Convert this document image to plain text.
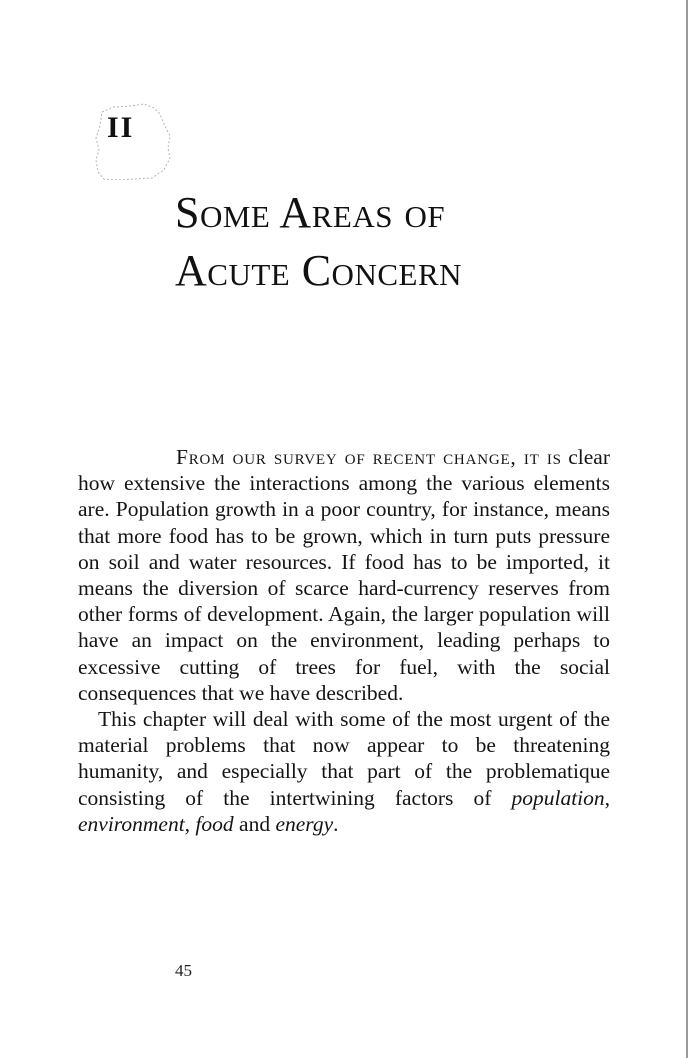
II
Some Areas of
Acute Concern

From our survey of recent change, it is clear how extensive the interactions among the various elements are. Population growth in a poor country, for instance, means that more food has to be grown, which in turn puts pressure on soil and water resources. If food has to be imported, it means the diversion of scarce hard-currency reserves from other forms of development. Again, the larger population will have an impact on the environment, leading perhaps to excessive cutting of trees for fuel, with the social consequences that we have described.

This chapter will deal with some of the most urgent of the material problems that now appear to be threatening humanity, and especially that part of the problematique consisting of the intertwining factors of population, environment, food and energy.

45
